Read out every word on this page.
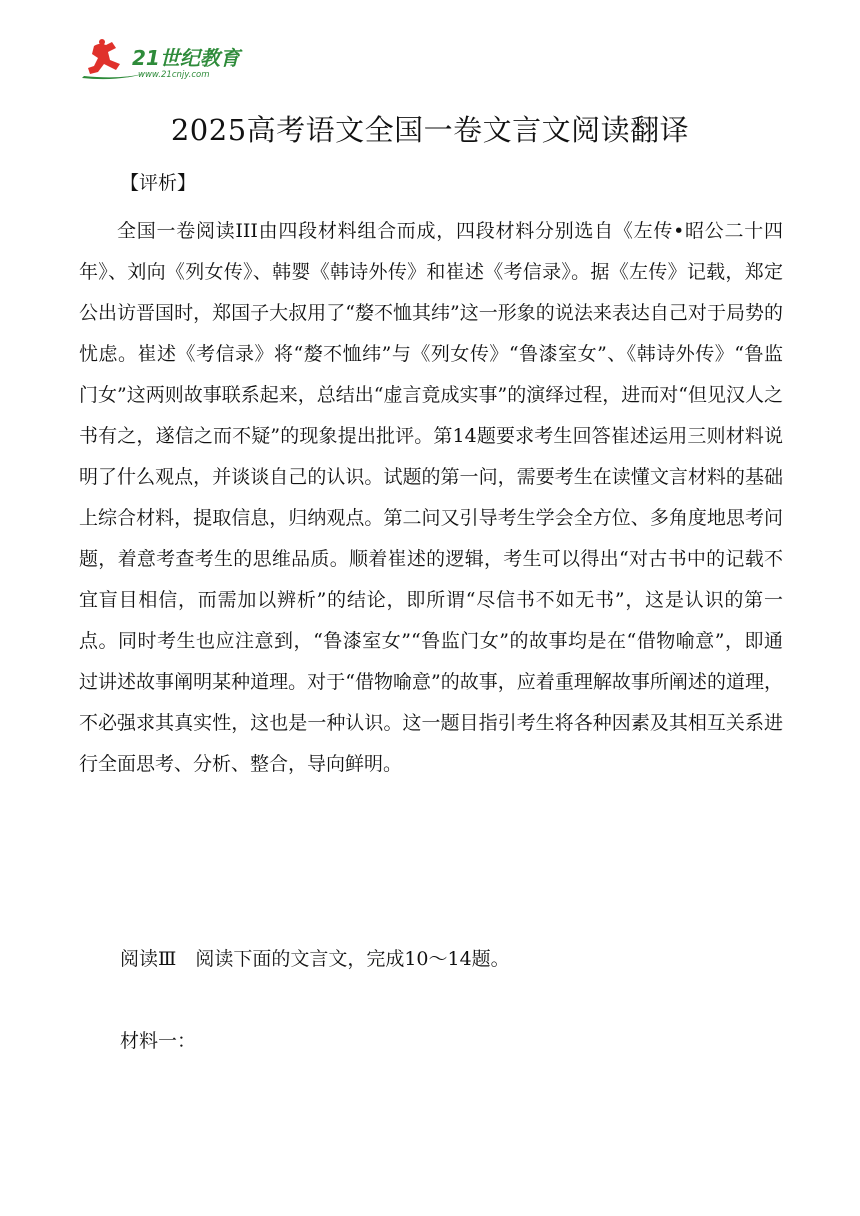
21世纪教育
www.21cnjy.com
2025高考语文全国一卷文言文阅读翻译
【评析】

全国一卷阅读III由四段材料组合而成，四段材料分别选自《左传•昭公二十四年》、刘向《列女传》、韩婴《韩诗外传》和崔述《考信录》。据《左传》记载，郑定公出访晋国时，郑国子大叔用了“嫠不恤其纬”这一形象的说法来表达自己对于局势的忧虑。崔述《考信录》将“嫠不恤纬”与《列女传》“鲁漆室女”、《韩诗外传》“鲁监门女”这两则故事联系起来，总结出“虚言竟成实事”的演绎过程，进而对“但见汉人之书有之，遂信之而不疑”的现象提出批评。第14题要求考生回答崔述运用三则材料说明了什么观点，并谈谈自己的认识。试题的第一问，需要考生在读懂文言材料的基础上综合材料，提取信息，归纳观点。第二问又引导考生学会全方位、多角度地思考问题，着意考查考生的思维品质。顺着崔述的逻辑，考生可以得出“对古书中的记载不宜盲目相信，而需加以辨析”的结论，即所谓“尽信书不如无书”，这是认识的第一点。同时考生也应注意到，“鲁漆室女”“鲁监门女”的故事均是在“借物喻意”，即通过讲述故事阐明某种道理。对于“借物喻意”的故事，应着重理解故事所阐述的道理，不必强求其真实性，这也是一种认识。这一题目指引考生将各种因素及其相互关系进行全面思考、分析、整合，导向鲜明。

阅读Ⅲ　阅读下面的文言文，完成10～14题。
材料一：
